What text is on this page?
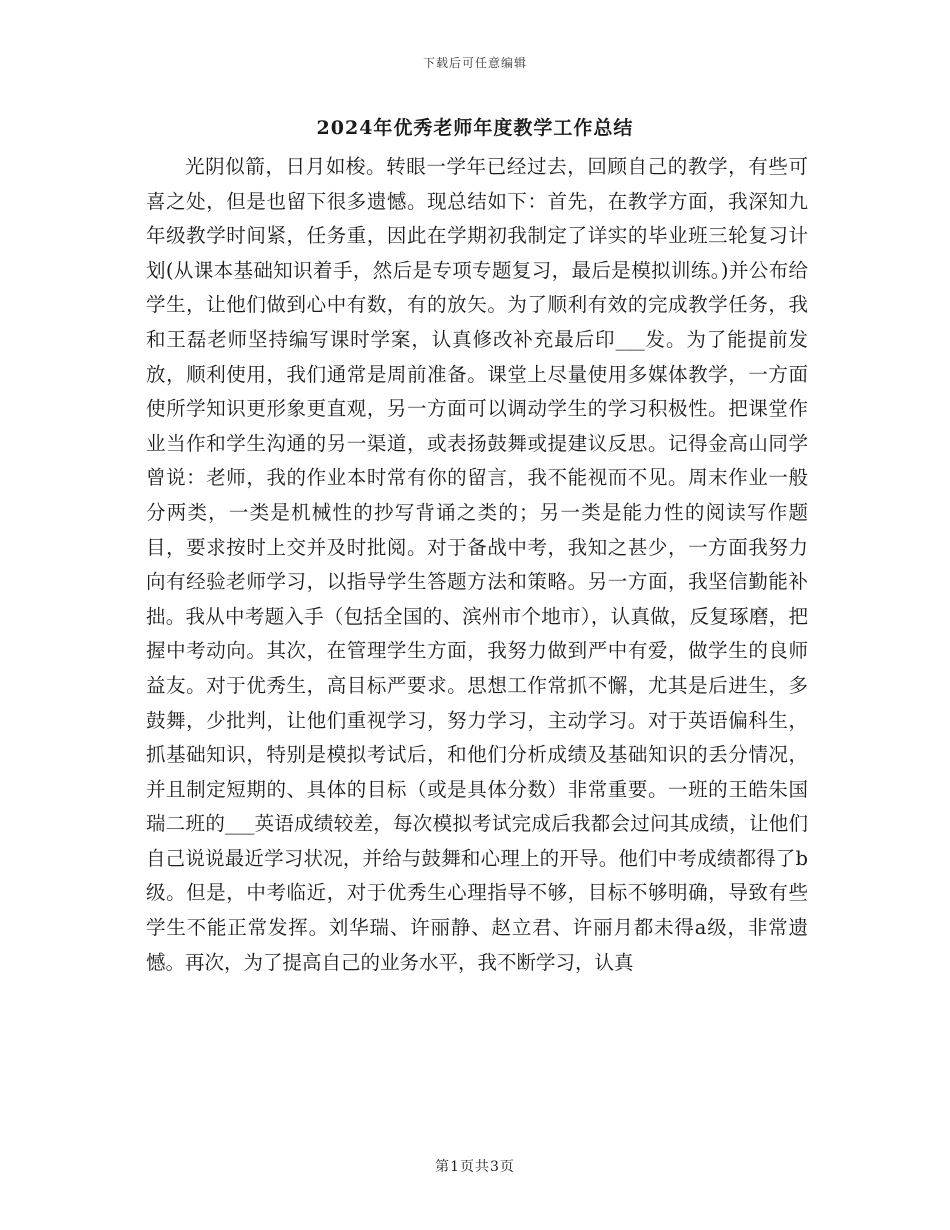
下载后可任意编辑
2024年优秀老师年度教学工作总结

光阴似箭，日月如梭。转眼一学年已经过去，回顾自己的教学，有些可喜之处，但是也留下很多遗憾。现总结如下：首先，在教学方面，我深知九年级教学时间紧，任务重，因此在学期初我制定了详实的毕业班三轮复习计划(从课本基础知识着手，然后是专项专题复习，最后是模拟训练。)并公布给学生，让他们做到心中有数，有的放矢。为了顺利有效的完成教学任务，我和王磊老师坚持编写课时学案，认真修改补充最后印___发。为了能提前发放，顺利使用，我们通常是周前准备。课堂上尽量使用多媒体教学，一方面使所学知识更形象更直观，另一方面可以调动学生的学习积极性。把课堂作业当作和学生沟通的另一渠道，或表扬鼓舞或提建议反思。记得金高山同学曾说：老师，我的作业本时常有你的留言，我不能视而不见。周末作业一般分两类，一类是机械性的抄写背诵之类的；另一类是能力性的阅读写作题目，要求按时上交并及时批阅。对于备战中考，我知之甚少，一方面我努力向有经验老师学习，以指导学生答题方法和策略。另一方面，我坚信勤能补拙。我从中考题入手（包括全国的、滨州市个地市），认真做，反复琢磨，把握中考动向。其次，在管理学生方面，我努力做到严中有爱，做学生的良师益友。对于优秀生，高目标严要求。思想工作常抓不懈，尤其是后进生，多鼓舞，少批判，让他们重视学习，努力学习，主动学习。对于英语偏科生，抓基础知识，特别是模拟考试后，和他们分析成绩及基础知识的丢分情况，并且制定短期的、具体的目标（或是具体分数）非常重要。一班的王皓朱国瑞二班的___英语成绩较差，每次模拟考试完成后我都会过问其成绩，让他们自己说说最近学习状况，并给与鼓舞和心理上的开导。他们中考成绩都得了b级。但是，中考临近，对于优秀生心理指导不够，目标不够明确，导致有些学生不能正常发挥。刘华瑞、许丽静、赵立君、许丽月都未得a级，非常遗憾。再次，为了提高自己的业务水平，我不断学习，认真

第1页共3页
